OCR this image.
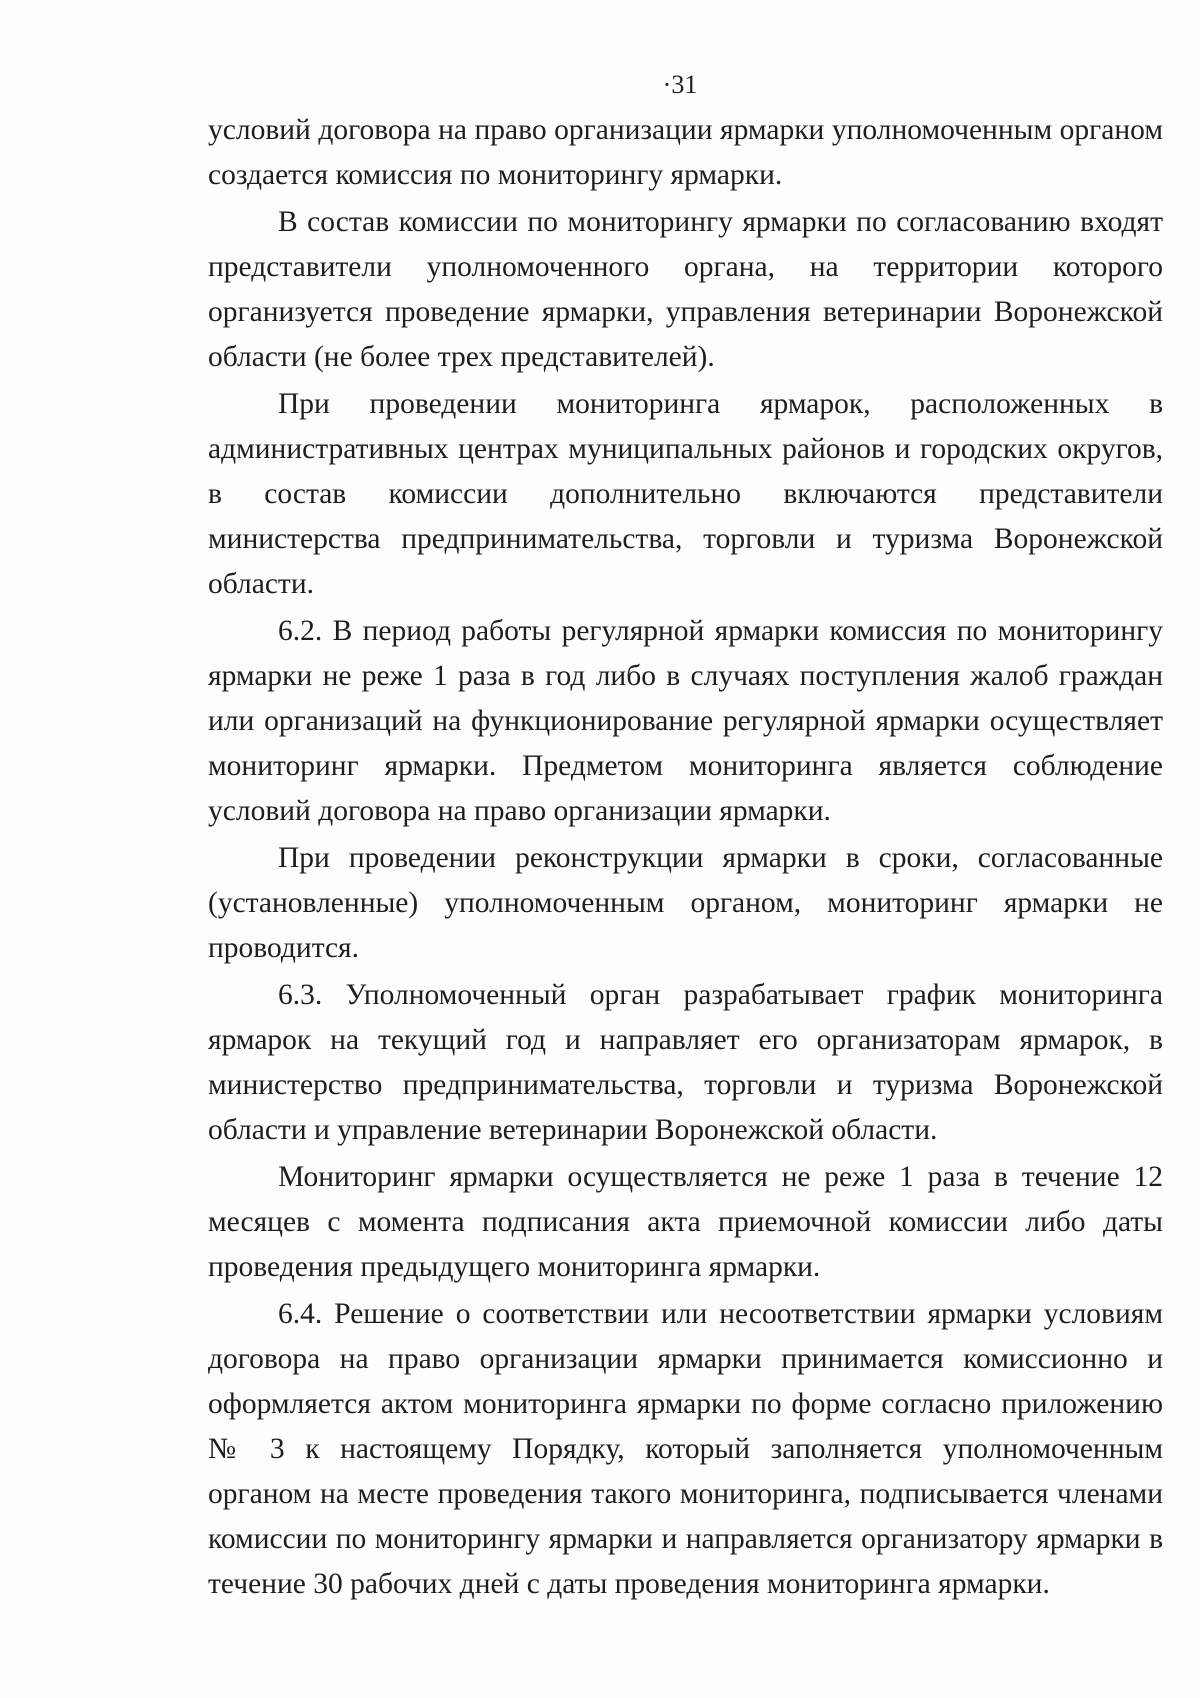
·31

условий договора на право организации ярмарки уполномоченным органом создается комиссия по мониторингу ярмарки.

В состав комиссии по мониторингу ярмарки по согласованию входят представители уполномоченного органа, на территории которого организуется проведение ярмарки, управления ветеринарии Воронежской области (не более трех представителей).

При проведении мониторинга ярмарок, расположенных в административных центрах муниципальных районов и городских округов, в состав комиссии дополнительно включаются представители министерства предпринимательства, торговли и туризма Воронежской области.

6.2. В период работы регулярной ярмарки комиссия по мониторингу ярмарки не реже 1 раза в год либо в случаях поступления жалоб граждан или организаций на функционирование регулярной ярмарки осуществляет мониторинг ярмарки. Предметом мониторинга является соблюдение условий договора на право организации ярмарки.

При проведении реконструкции ярмарки в сроки, согласованные (установленные) уполномоченным органом, мониторинг ярмарки не проводится.

6.3. Уполномоченный орган разрабатывает график мониторинга ярмарок на текущий год и направляет его организаторам ярмарок, в министерство предпринимательства, торговли и туризма Воронежской области и управление ветеринарии Воронежской области.

Мониторинг ярмарки осуществляется не реже 1 раза в течение 12 месяцев с момента подписания акта приемочной комиссии либо даты проведения предыдущего мониторинга ярмарки.

6.4. Решение о соответствии или несоответствии ярмарки условиям договора на право организации ярмарки принимается комиссионно и оформляется актом мониторинга ярмарки по форме согласно приложению № 3 к настоящему Порядку, который заполняется уполномоченным органом на месте проведения такого мониторинга, подписывается членами комиссии по мониторингу ярмарки и направляется организатору ярмарки в течение 30 рабочих дней с даты проведения мониторинга ярмарки.
